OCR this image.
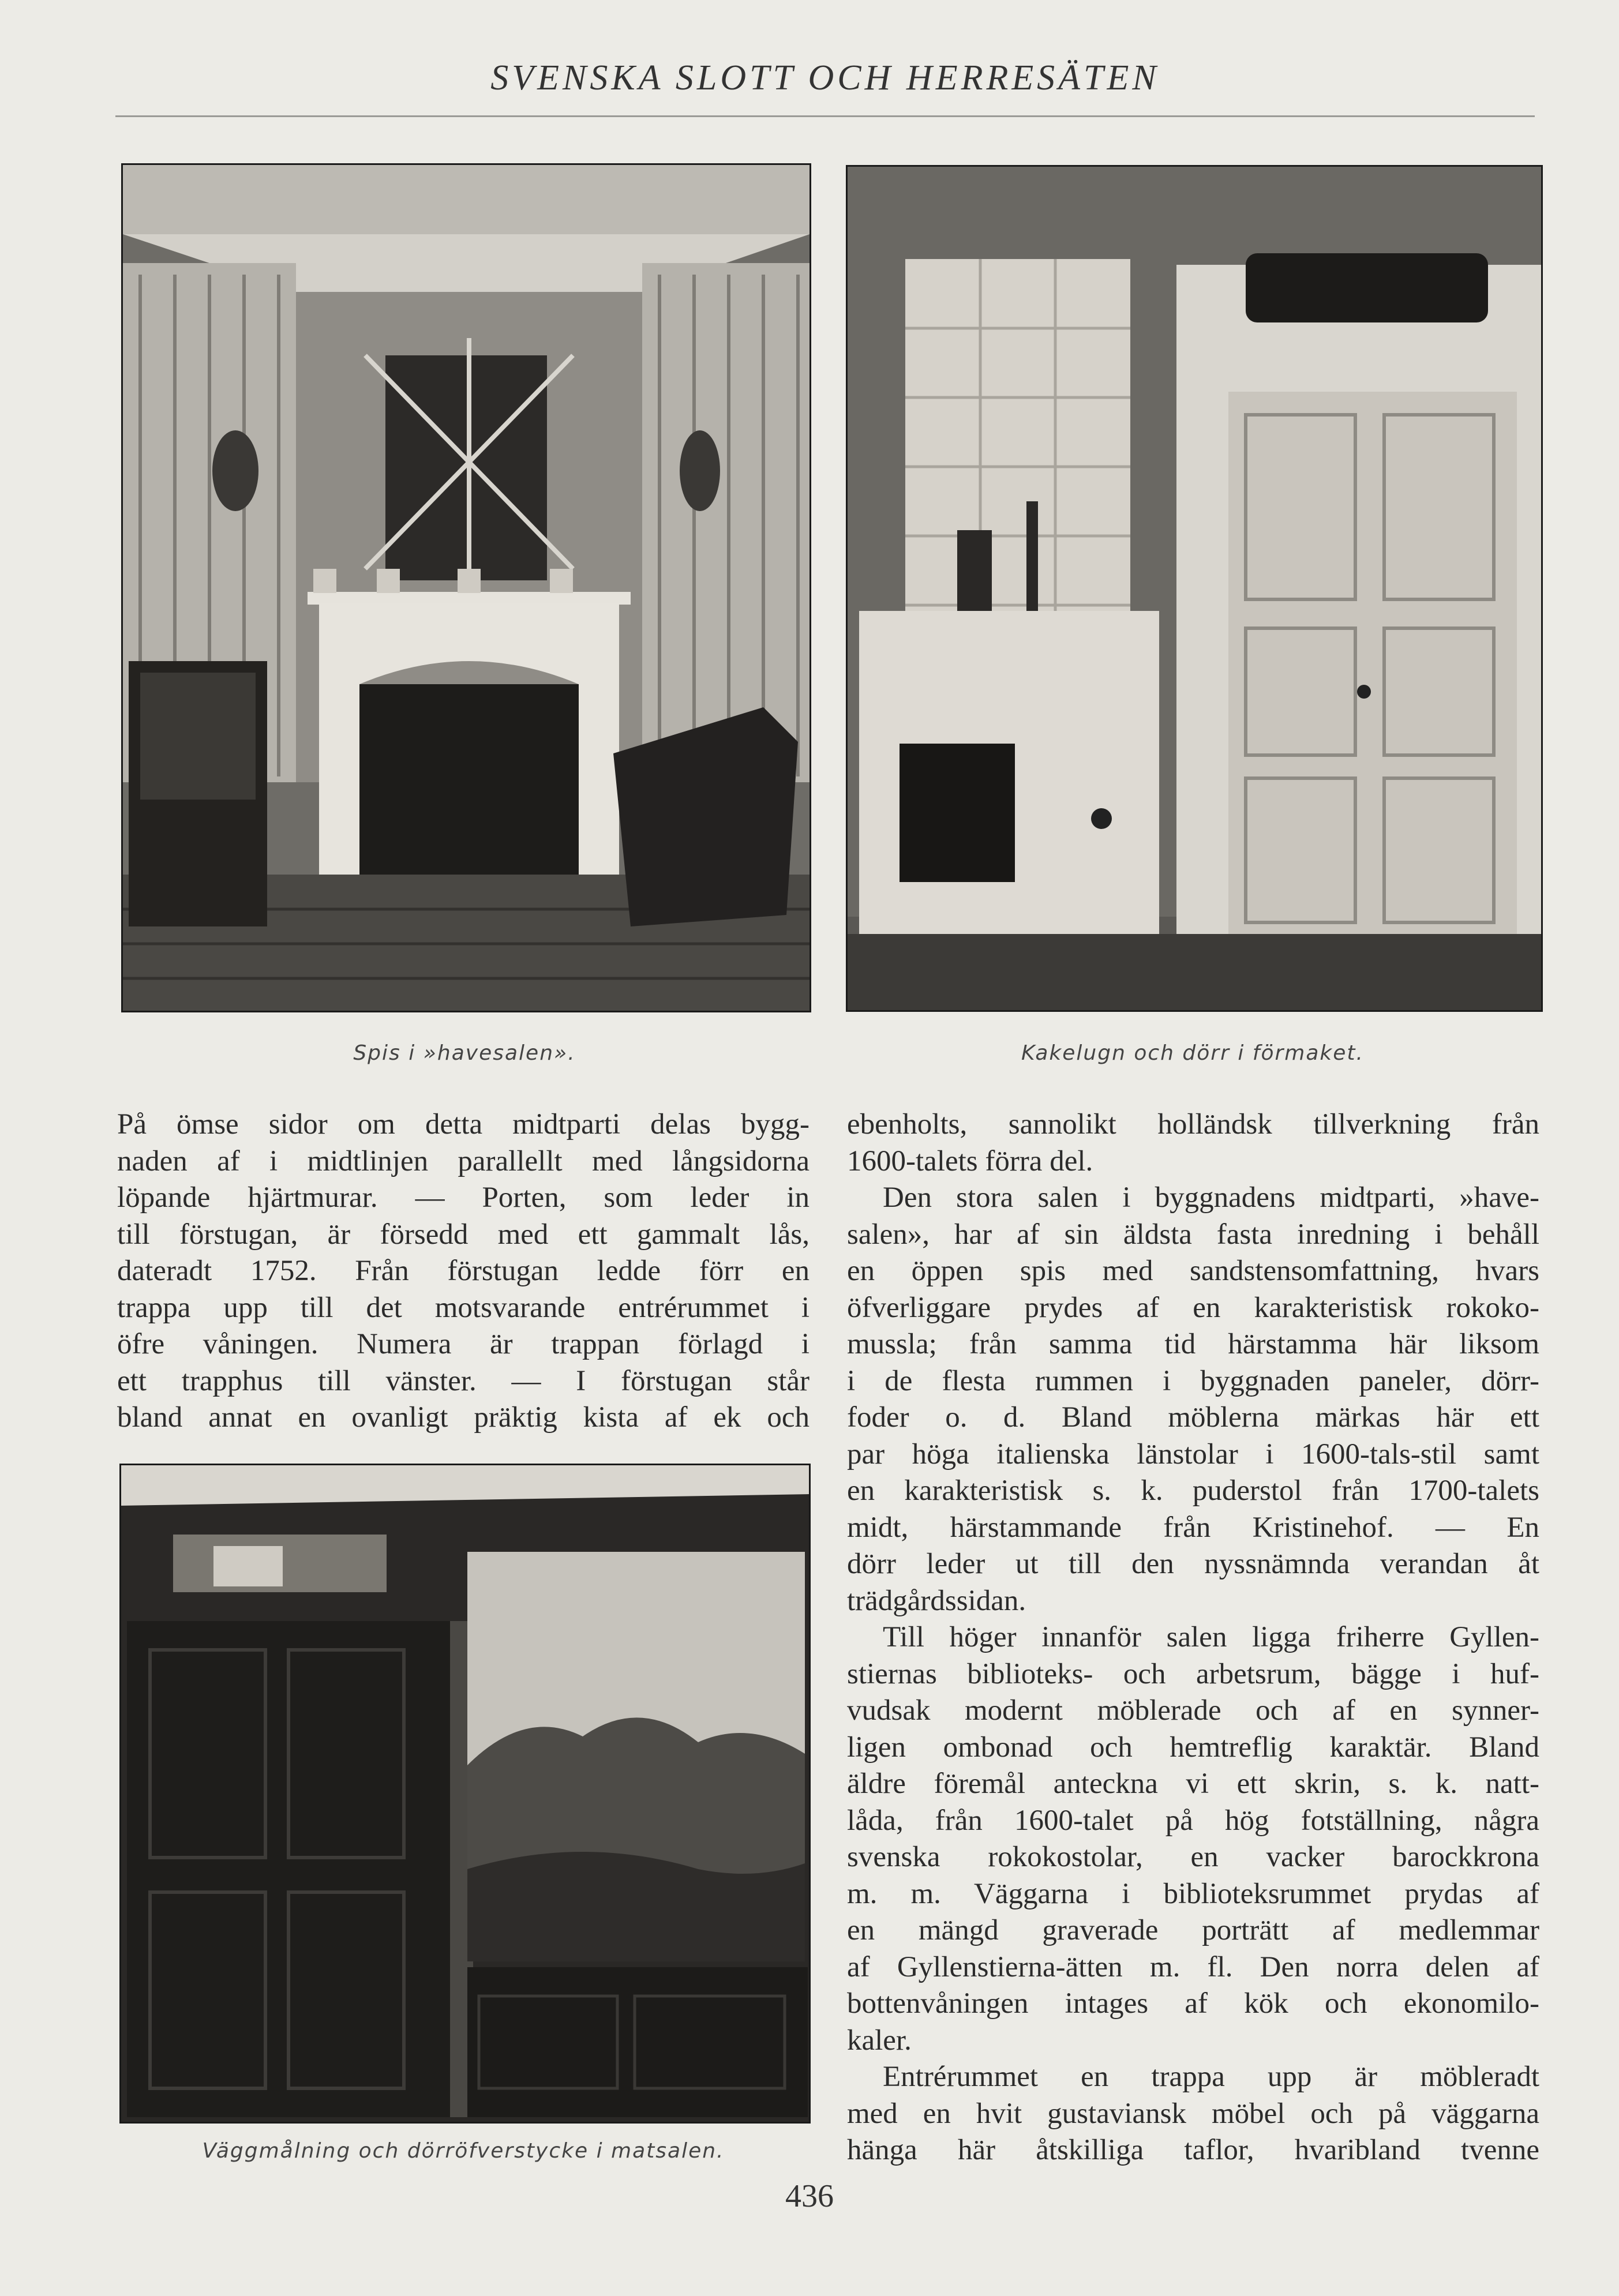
SVENSKA SLOTT OCH HERRESÄTEN
Spis i »havesalen».	Kakelugn och dörr i förmaket.

På ömse sidor om detta midtparti delas bygg-

naden af i midtlinjen parallellt med långsidorna

löpande hjärtmurar. — Porten, som leder in

till förstugan, är försedd med ett gammalt lås,

dateradt 1752. Från förstugan ledde förr en

trappa upp till det motsvarande entrérummet i

öfre våningen. Numera är trappan förlagd i

ett trapphus till vänster. — I förstugan står

bland annat en ovanligt präktig kista af ek och

Väggmålning och dörröfverstycke i matsalen.

ebenholts, sannolikt holländsk tillverkning från

1600-talets förra del.

Den stora salen i byggnadens midtparti, »have-

salen», har af sin äldsta fasta inredning i behåll

en öppen spis med sandstensomfattning, hvars

öfverliggare prydes af en karakteristisk rokoko-

mussla; från samma tid härstamma här liksom

i de flesta rummen i byggnaden paneler, dörr-

foder o. d. Bland möblerna märkas här ett

par höga italienska länstolar i 1600-tals-stil samt

en karakteristisk s. k. puderstol från 1700-talets

midt, härstammande från Kristinehof. — En

dörr leder ut till den nyssnämnda verandan åt

trädgårdssidan.

Till höger innanför salen ligga friherre Gyllen-

stiernas biblioteks- och arbetsrum, bägge i huf-

vudsak modernt möblerade och af en synner-

ligen ombonad och hemtreflig karaktär. Bland

äldre föremål anteckna vi ett skrin, s. k. natt-

låda, från 1600-talet på hög fotställning, några

svenska rokokostolar, en vacker barockkrona

m. m. Väggarna i biblioteksrummet prydas af

en mängd graverade porträtt af medlemmar

af Gyllenstierna-ätten m. fl. Den norra delen af

bottenvåningen intages af kök och ekonomilo-

kaler.

Entrérummet en trappa upp är möbleradt

med en hvit gustaviansk möbel och på väggarna

hänga här åtskilliga taflor, hvaribland tvenne

436
